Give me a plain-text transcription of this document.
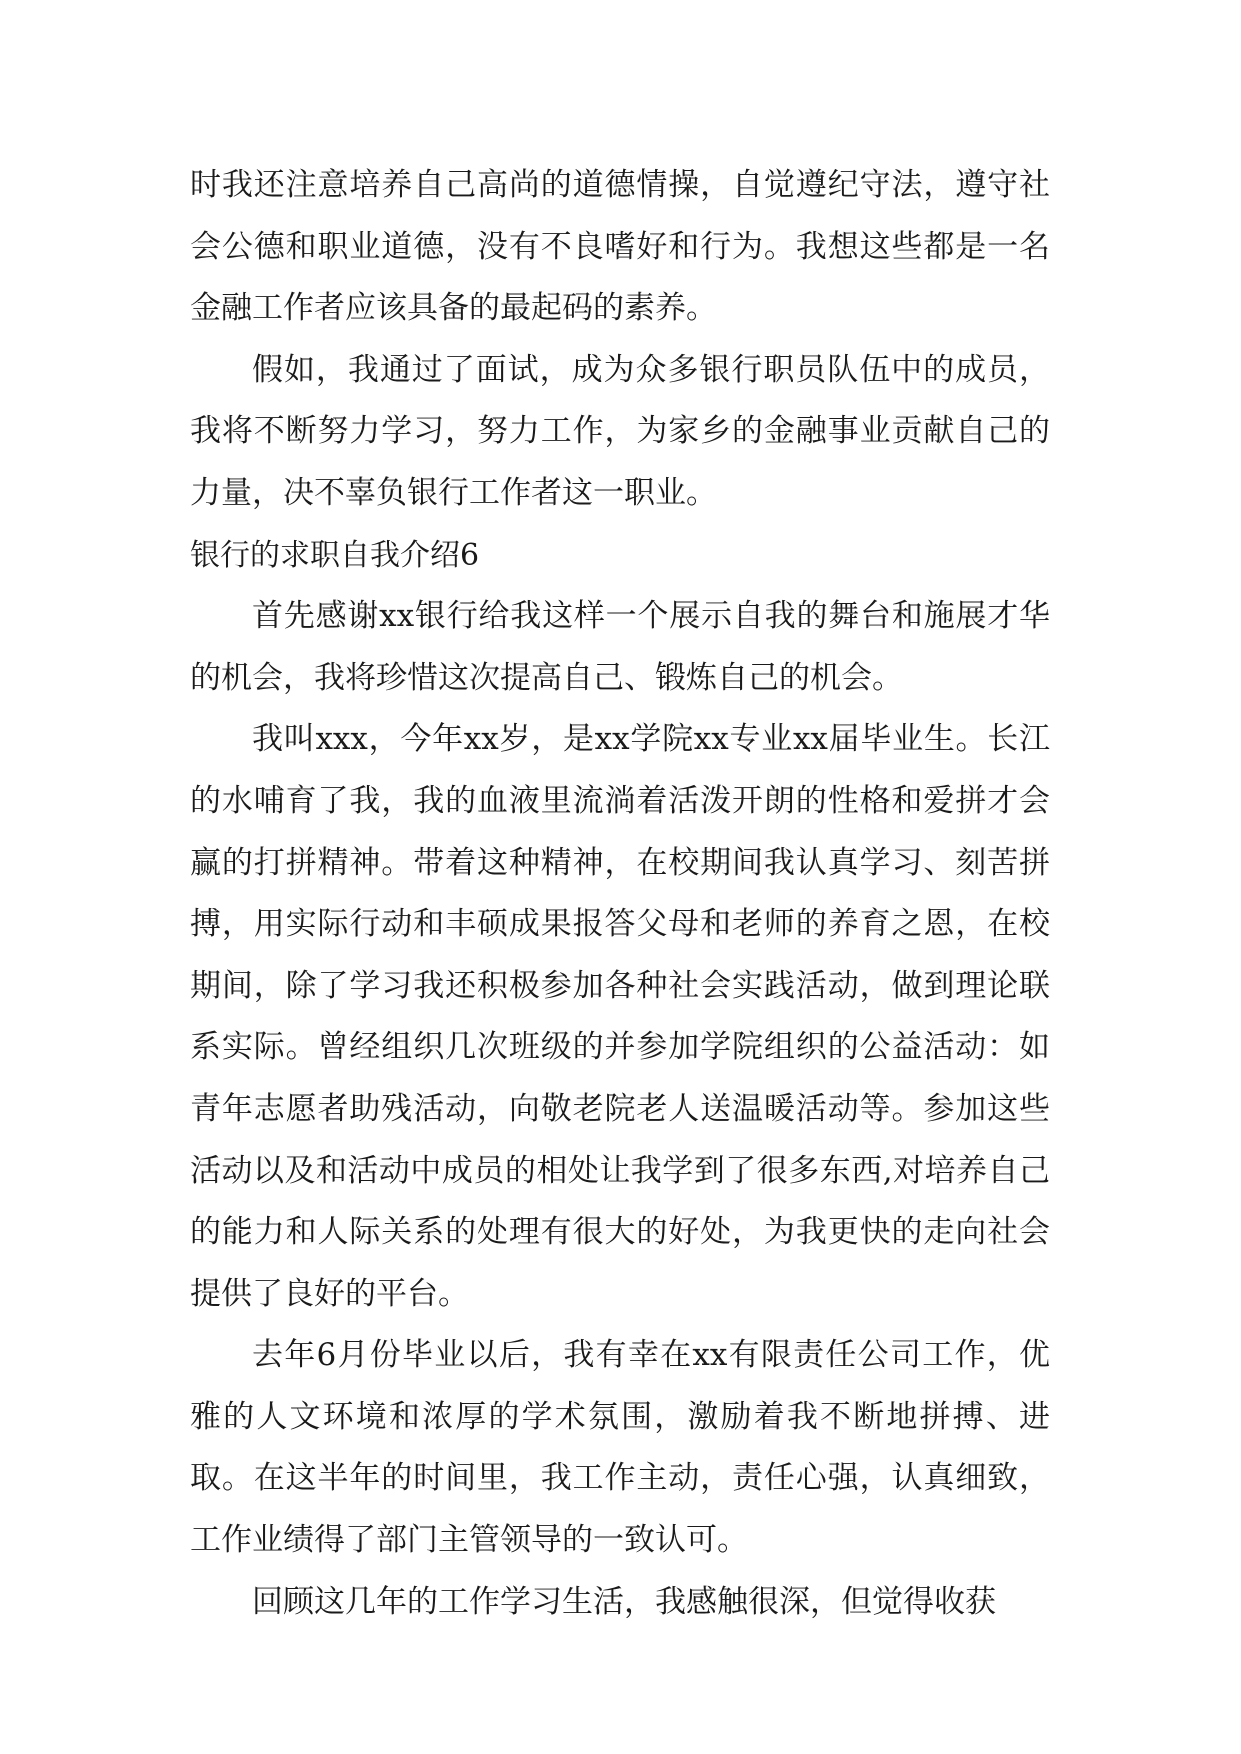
时我还注意培养自己高尚的道德情操，自觉遵纪守法，遵守社会公德和职业道德，没有不良嗜好和行为。我想这些都是一名金融工作者应该具备的最起码的素养。

假如，我通过了面试，成为众多银行职员队伍中的成员，我将不断努力学习，努力工作，为家乡的金融事业贡献自己的力量，决不辜负银行工作者这一职业。

银行的求职自我介绍6

首先感谢xx银行给我这样一个展示自我的舞台和施展才华的机会，我将珍惜这次提高自己、锻炼自己的机会。

我叫xxx，今年xx岁，是xx学院xx专业xx届毕业生。长江的水哺育了我，我的血液里流淌着活泼开朗的性格和爱拼才会赢的打拼精神。带着这种精神，在校期间我认真学习、刻苦拼搏，用实际行动和丰硕成果报答父母和老师的养育之恩，在校期间，除了学习我还积极参加各种社会实践活动，做到理论联系实际。曾经组织几次班级的并参加学院组织的公益活动：如青年志愿者助残活动，向敬老院老人送温暖活动等。参加这些活动以及和活动中成员的相处让我学到了很多东西,对培养自己的能力和人际关系的处理有很大的好处，为我更快的走向社会提供了良好的平台。

去年6月份毕业以后，我有幸在xx有限责任公司工作，优雅的人文环境和浓厚的学术氛围，激励着我不断地拼搏、进取。在这半年的时间里，我工作主动，责任心强，认真细致，工作业绩得了部门主管领导的一致认可。

回顾这几年的工作学习生活，我感触很深，但觉得收获
